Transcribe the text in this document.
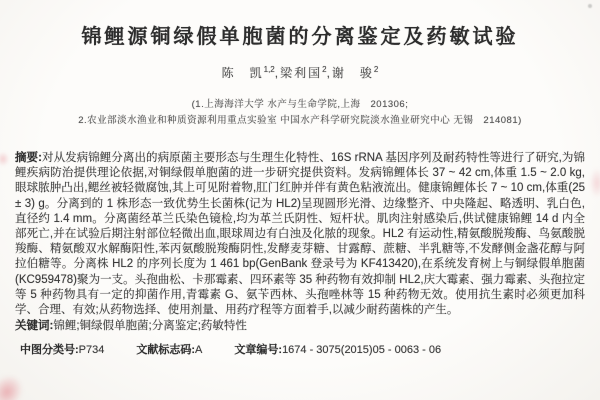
锦鲤源铜绿假单胞菌的分离鉴定及药敏试验
陈　凯$^{1,2}$,梁利国$^2$,谢　骏$^2$
(1.上海海洋大学 水产与生命学院,上海　201306;
2.农业部淡水渔业和种质资源利用重点实验室 中国水产科学研究院淡水渔业研究中心 无锡　214081)

摘要:对从发病锦鲤分离出的病原菌主要形态与生理生化特性、16S rRNA 基因序列及耐药特性等进行了研究,为锦鲤疾病防治提供理论依据,对铜绿假单胞菌的进一步研究提供资料。发病锦鲤体长 37 ~ 42 cm,体重 1.5 ~ 2.0 kg,眼球脓肿凸出,鳃丝被轻微腐蚀,其上可见附着物,肛门红肿并伴有黄色粘液流出。健康锦鲤体长 7 ~ 10 cm,体重(25 ± 3) g。分离到的 1 株形态一致优势生长菌株(记为 HL2)呈现圆形光滑、边缘整齐、中央隆起、略透明、乳白色,直径约 1.4 mm。分离菌经革兰氏染色镜检,均为革兰氏阴性、短杆状。肌肉注射感染后,供试健康锦鲤 14 d 内全部死亡,并在试验后期注射部位轻微出血,眼球周边有白浊及化脓的现象。HL2 有运动性,精氨酸脱羧酶、鸟氨酸脱羧酶、精氨酸双水解酶阳性,苯丙氨酸脱羧酶阴性,发酵麦芽糖、甘露醇、蔗糖、半乳糖等,不发酵侧金盏花醇与阿拉伯糖等。分离株 HL2 的序列长度为 1 461 bp(GenBank 登录号为 KF413420),在系统发育树上与铜绿假单胞菌(KC959478)聚为一支。头孢曲松、卡那霉素、四环素等 35 种药物有效抑制 HL2,庆大霉素、强力霉素、头孢拉定等 5 种药物具有一定的抑菌作用,青霉素 G、氨苄西林、头孢唑林等 15 种药物无效。使用抗生素时必须更加科学、合理、有效;从药物选择、使用剂量、用药疗程等方面着手,以减少耐药菌株的产生。

关键词:锦鲤;铜绿假单胞菌;分离鉴定;药敏特性

中图分类号:P734	文献标志码:A	文章编号:1674 - 3075(2015)05 - 0063 - 06
